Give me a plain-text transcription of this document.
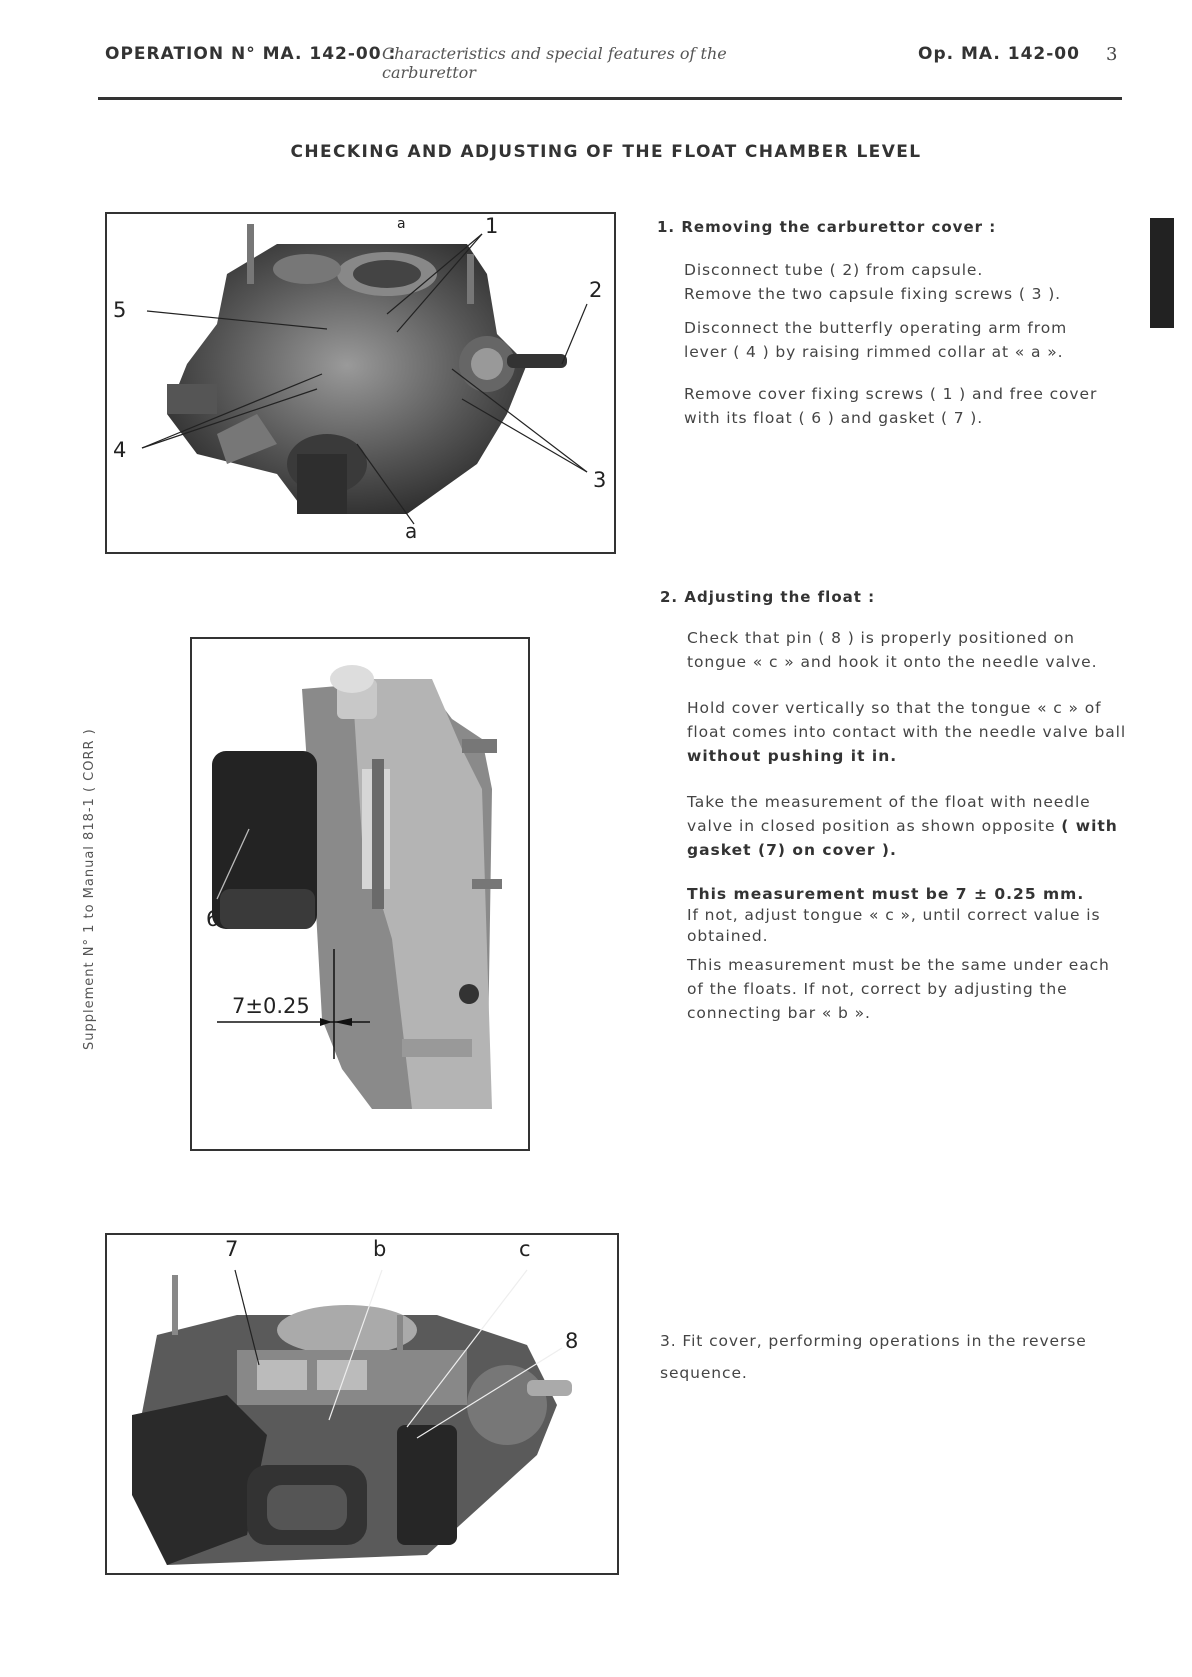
OPERATION N° MA. 142-00 :
Characteristics and special features of the carburettor
Op. MA. 142-00 3
CHECKING AND ADJUSTING OF THE FLOAT CHAMBER LEVEL
Supplement N° 1 to Manual 818-1 ( CORR )
a	1
2
5
4
3
a
1. Removing the carburettor cover :

Disconnect tube ( 2) from capsule.

Remove the two capsule fixing screws ( 3 ).

Disconnect the butterfly operating arm from lever ( 4 ) by raising rimmed collar at « a ».

Remove cover fixing screws ( 1 ) and free cover with its float ( 6 ) and gasket ( 7 ).

6
7±0.25
2. Adjusting the float :

Check that pin ( 8 ) is properly positioned on tongue « c » and hook it onto the needle valve.

Hold cover vertically so that the tongue « c » of float comes into contact with the needle valve ball without pushing it in.

Take the measurement of the float with needle valve in closed position as shown opposite ( with gasket (7) on cover ).

This measurement must be 7 ± 0.25 mm.
If not, adjust tongue « c », until correct value is obtained.

This measurement must be the same under each of the floats. If not, correct by adjusting the connecting bar « b ».

7	b	c
8	3. Fit cover, performing operations in the reverse sequence.
